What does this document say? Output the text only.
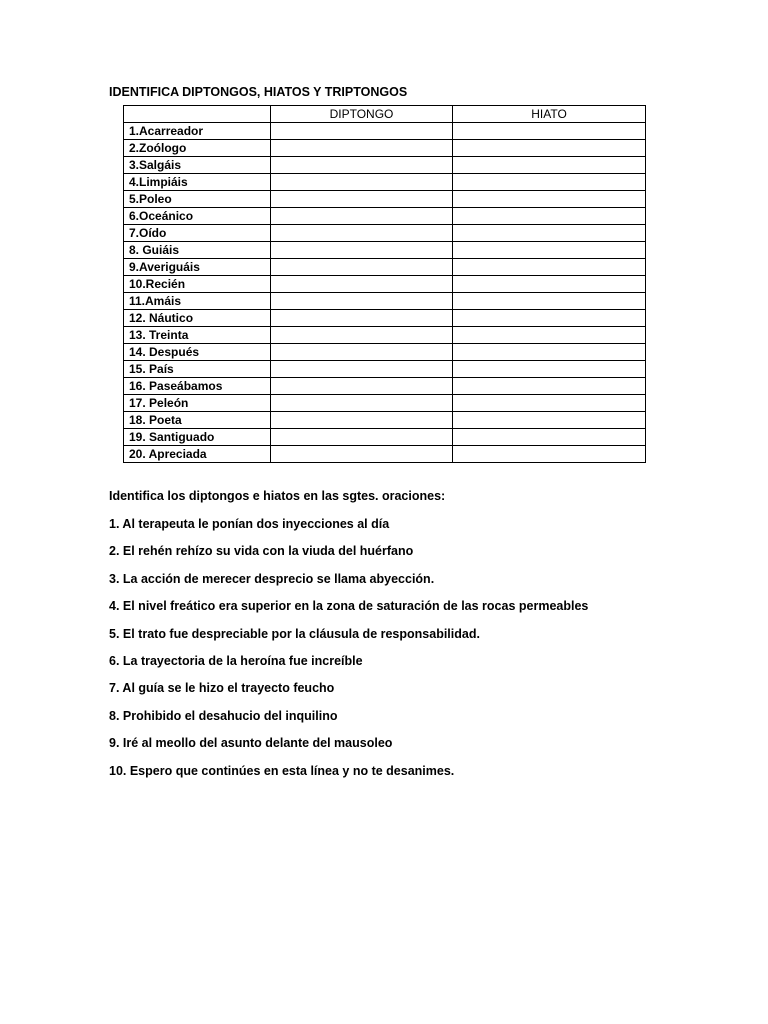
IDENTIFICA DIPTONGOS, HIATOS Y TRIPTONGOS
	DIPTONGO	HIATO
1.Acarreador		
2.Zoólogo		
3.Salgáis		
4.Limpiáis		
5.Poleo		
6.Oceánico		
7.Oído		
8. Guiáis		
9.Averiguáis		
10.Recién		
11.Amáis		
12. Náutico		
13. Treinta		
14. Después		
15. País		
16. Paseábamos		
17. Peleón		
18. Poeta		
19. Santiguado		
20. Apreciada		
Identifica los diptongos e hiatos en las sgtes. oraciones:
1. Al terapeuta le ponían dos inyecciones al día
2. El rehén rehízo su vida con la viuda del huérfano
3. La acción de merecer desprecio se llama abyección.
4. El nivel freático era superior en la zona de saturación de las rocas permeables
5. El trato fue despreciable por la cláusula de responsabilidad.
6. La trayectoria de la heroína fue increíble
7. Al guía se le hizo el trayecto feucho
8. Prohibido el desahucio del inquilino
9. Iré al meollo del asunto delante del mausoleo
10. Espero que continúes en esta línea y no te desanimes.
